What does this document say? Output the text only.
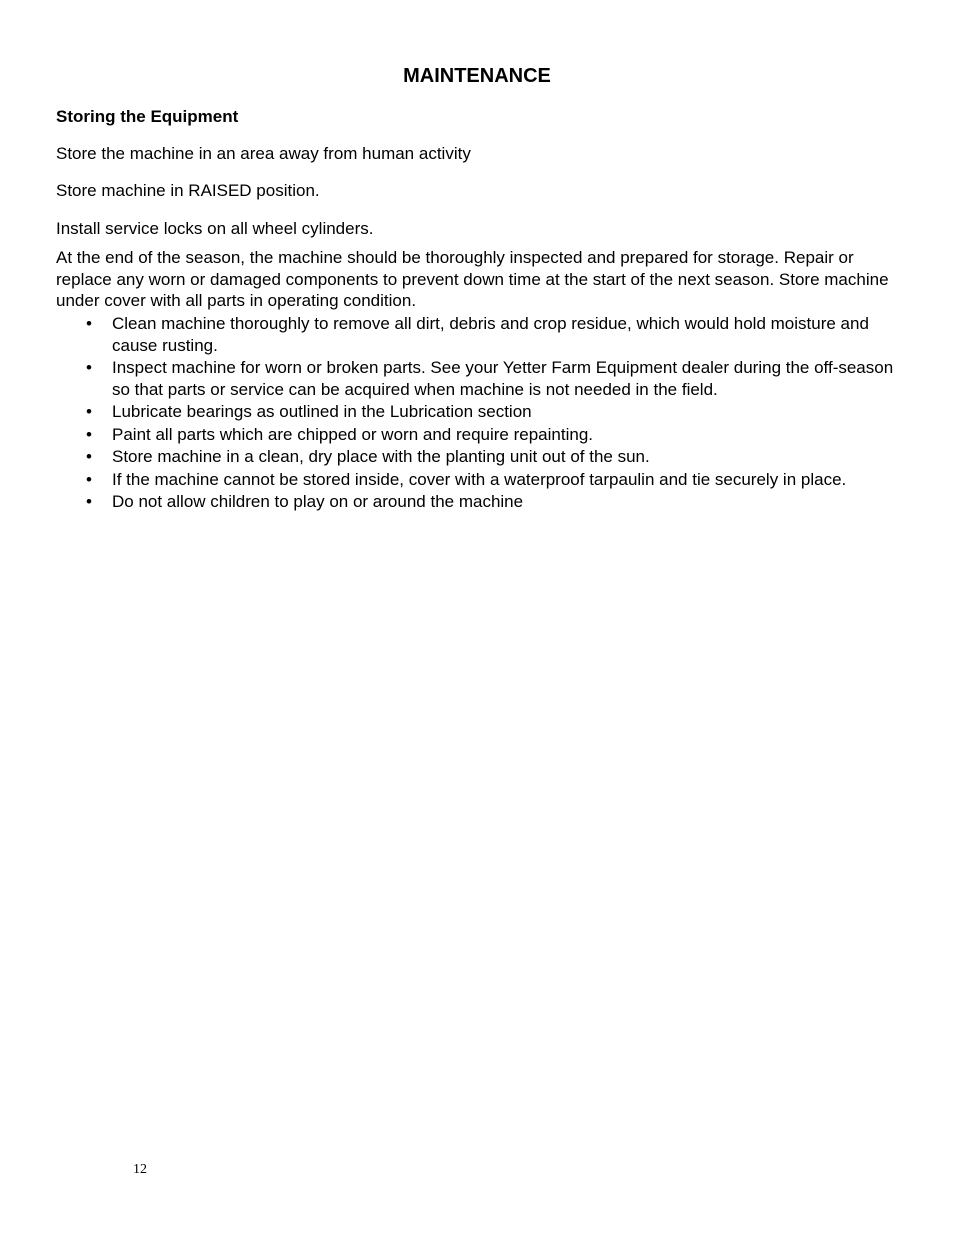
MAINTENANCE
Storing the Equipment
Store the machine in an area away from human activity
Store machine in RAISED position.
Install service locks on all wheel cylinders.
At the end of the season, the machine should be thoroughly inspected and prepared for storage. Repair or replace any worn or damaged components to prevent down time at the start of the next season. Store machine under cover with all parts in operating condition.
• Clean machine thoroughly to remove all dirt, debris and crop residue, which would hold moisture and cause rusting.
• Inspect machine for worn or broken parts. See your Yetter Farm Equipment dealer during the off-season so that parts or service can be acquired when machine is not needed in the field.
• Lubricate bearings as outlined in the Lubrication section
• Paint all parts which are chipped or worn and require repainting.
• Store machine in a clean, dry place with the planting unit out of the sun.
• If the machine cannot be stored inside, cover with a waterproof tarpaulin and tie securely in place.
• Do not allow children to play on or around the machine
12
